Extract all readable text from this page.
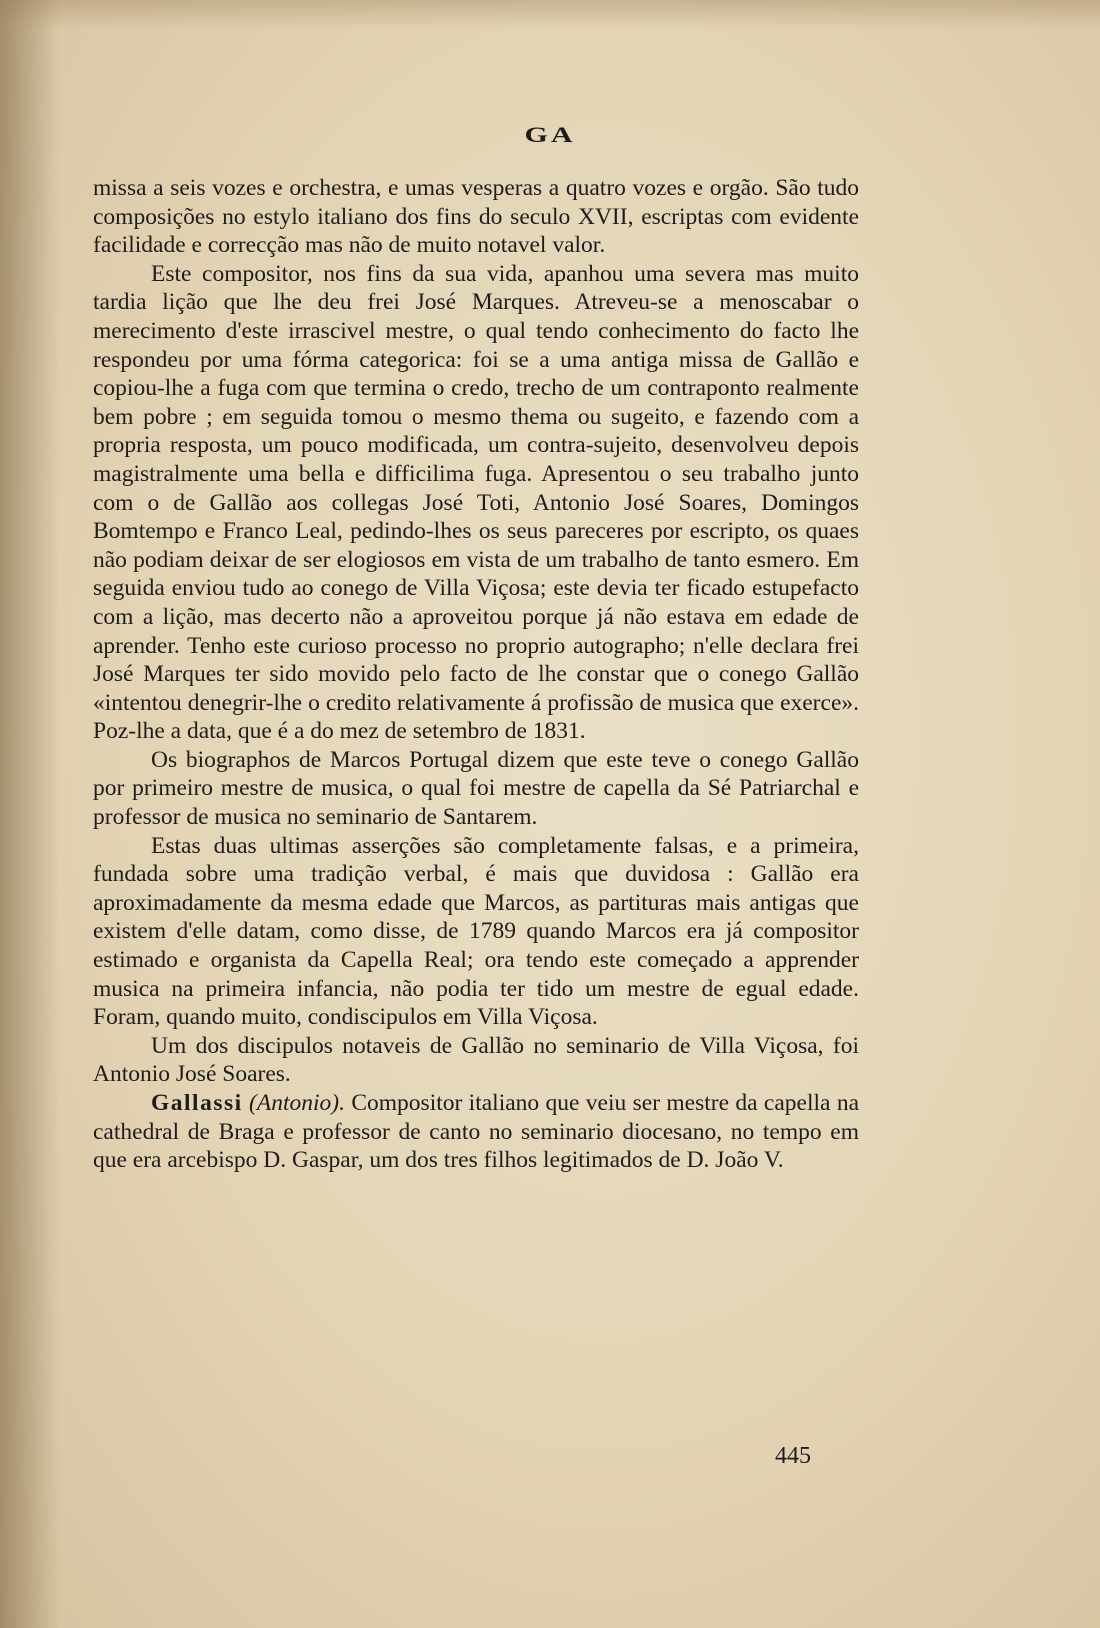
GA

missa a seis vozes e orchestra, e umas vesperas a quatro vozes e orgão. São tudo composições no estylo italiano dos fins do seculo XVII, escriptas com evidente facilidade e correcção mas não de muito notavel valor.

Este compositor, nos fins da sua vida, apanhou uma severa mas muito tardia lição que lhe deu frei José Marques. Atreveu-se a menoscabar o merecimento d'este irrascivel mestre, o qual tendo conhecimento do facto lhe respondeu por uma fórma categorica: foi se a uma antiga missa de Gallão e copiou-lhe a fuga com que termina o credo, trecho de um contraponto realmente bem pobre ; em seguida tomou o mesmo thema ou sugeito, e fazendo com a propria resposta, um pouco modificada, um contra-sujeito, desenvolveu depois magistralmente uma bella e difficilima fuga. Apresentou o seu trabalho junto com o de Gallão aos collegas José Toti, Antonio José Soares, Domingos Bomtempo e Franco Leal, pedindo-lhes os seus pareceres por escripto, os quaes não podiam deixar de ser elogiosos em vista de um trabalho de tanto esmero. Em seguida enviou tudo ao conego de Villa Viçosa; este devia ter ficado estupefacto com a lição, mas decerto não a aproveitou porque já não estava em edade de aprender. Tenho este curioso processo no proprio autographo; n'elle declara frei José Marques ter sido movido pelo facto de lhe constar que o conego Gallão «intentou denegrir-lhe o credito relativamente á profissão de musica que exerce». Poz-lhe a data, que é a do mez de setembro de 1831.

Os biographos de Marcos Portugal dizem que este teve o conego Gallão por primeiro mestre de musica, o qual foi mestre de capella da Sé Patriarchal e professor de musica no seminario de Santarem.

Estas duas ultimas asserções são completamente falsas, e a primeira, fundada sobre uma tradição verbal, é mais que duvidosa : Gallão era aproximadamente da mesma edade que Marcos, as partituras mais antigas que existem d'elle datam, como disse, de 1789 quando Marcos era já compositor estimado e organista da Capella Real; ora tendo este começado a apprender musica na primeira infancia, não podia ter tido um mestre de egual edade. Foram, quando muito, condiscipulos em Villa Viçosa.

Um dos discipulos notaveis de Gallão no seminario de Villa Viçosa, foi Antonio José Soares.

Gallassi (Antonio). Compositor italiano que veiu ser mestre da capella na cathedral de Braga e professor de canto no seminario diocesano, no tempo em que era arcebispo D. Gaspar, um dos tres filhos legitimados de D. João V.

445
